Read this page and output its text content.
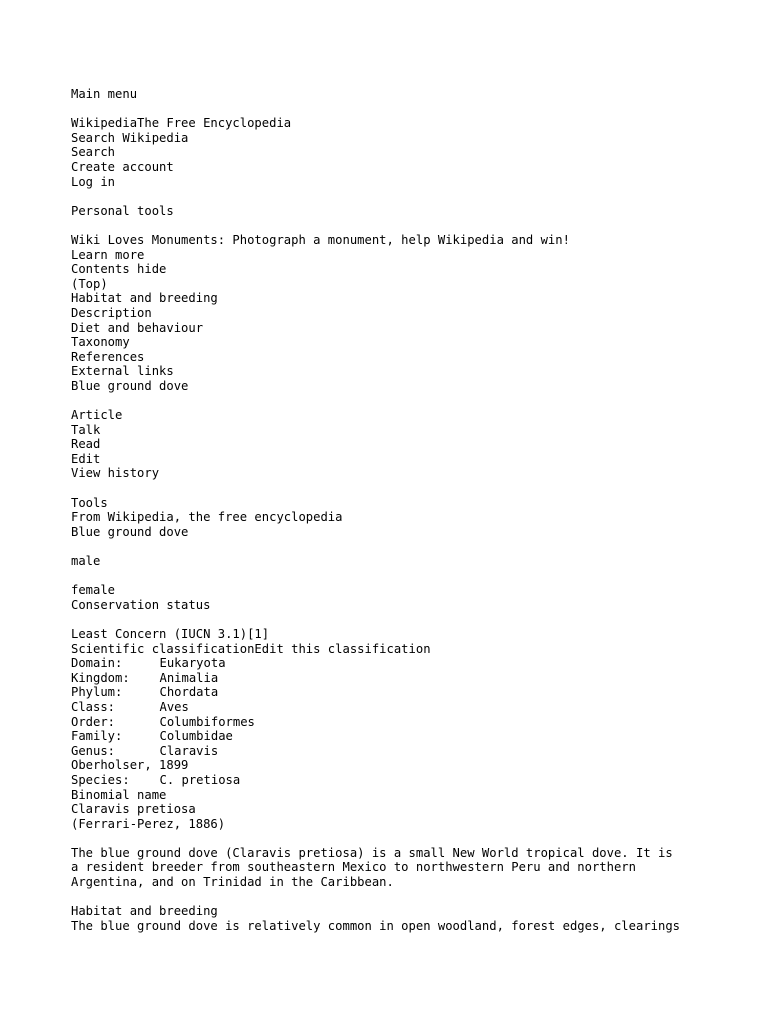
Main menu
WikipediaThe Free Encyclopedia
Search Wikipedia
Search
Create account
Log in
Personal tools
Wiki Loves Monuments: Photograph a monument, help Wikipedia and win!
Learn more
Contents hide
(Top)
Habitat and breeding
Description
Diet and behaviour
Taxonomy
References
External links
Blue ground dove
Article
Talk
Read
Edit
View history
Tools
From Wikipedia, the free encyclopedia
Blue ground dove
male
female
Conservation status
Least Concern (IUCN 3.1)[1]
Scientific classificationEdit this classification
Domain:	Eukaryota
Kingdom: Animalia
Phylum:	Chordata
Class:	Aves
Order:	Columbiformes
Family:	Columbidae
Genus:	Claravis
Oberholser, 1899
Species: C. pretiosa
Binomial name
Claravis pretiosa
(Ferrari-Perez, 1886)
The blue ground dove (Claravis pretiosa) is a small New World tropical dove. It is
a resident breeder from southeastern Mexico to northwestern Peru and northern
Argentina, and on Trinidad in the Caribbean.
Habitat and breeding
The blue ground dove is relatively common in open woodland, forest edges, clearings
